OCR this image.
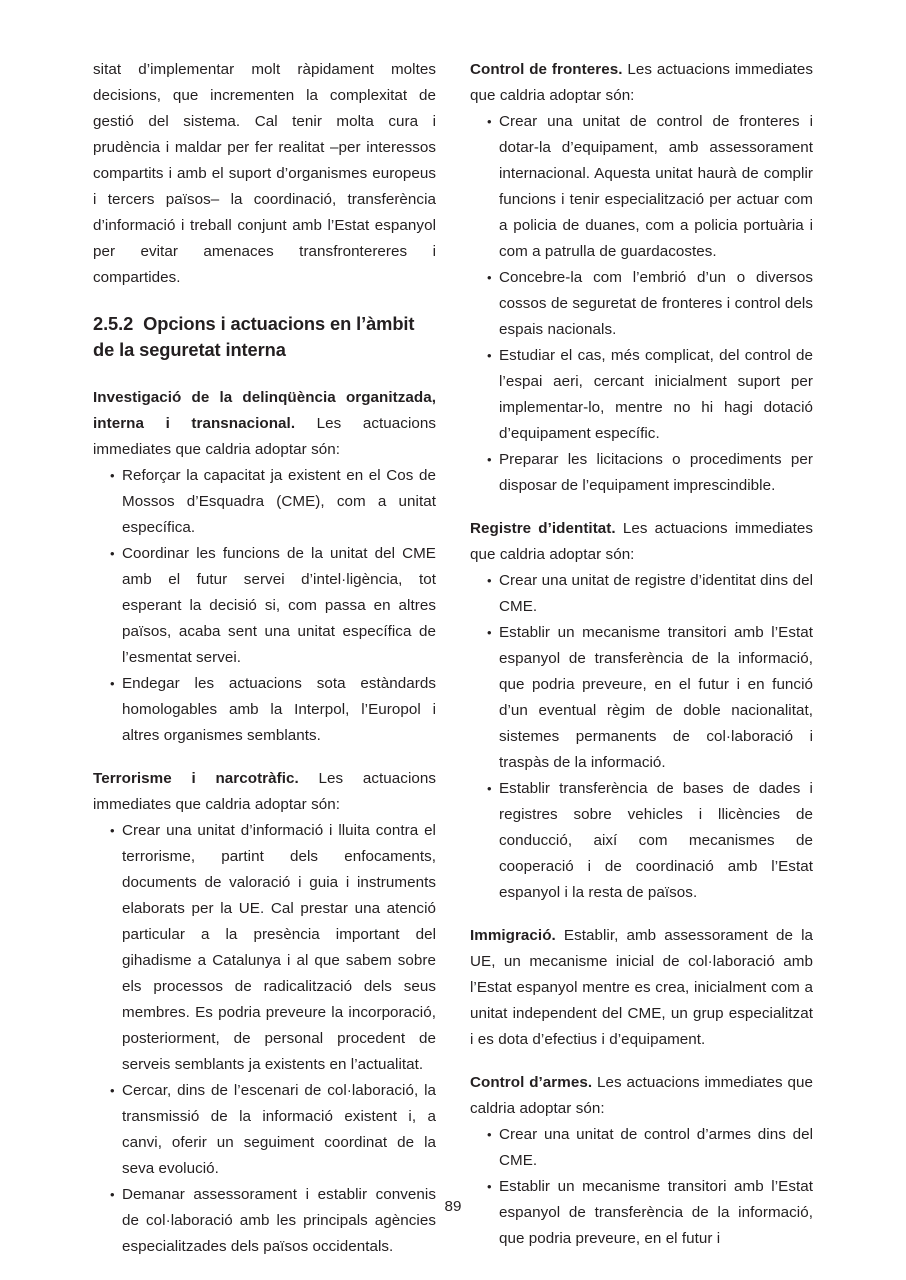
sitat d’implementar molt ràpidament moltes decisions, que incrementen la complexitat de gestió del sistema. Cal tenir molta cura i prudència i maldar per fer realitat –per interessos compartits i amb el suport d’organismes europeus i tercers països– la coordinació, transferència d’informació i treball conjunt amb l’Estat espanyol per evitar amenaces transfrontereres i compartides.

2.5.2 Opcions i actuacions en l’àmbit de la seguretat interna

Investigació de la delinqüència organitzada, interna i transnacional. Les actuacions immediates que caldria adoptar són:

• Reforçar la capacitat ja existent en el Cos de Mossos d’Esquadra (CME), com a unitat específica.
• Coordinar les funcions de la unitat del CME amb el futur servei d’intel·ligència, tot esperant la decisió si, com passa en altres països, acaba sent una unitat específica de l’esmentat servei.
• Endegar les actuacions sota estàndards homologables amb la Interpol, l’Europol i altres organismes semblants.

Terrorisme i narcotràfic. Les actuacions immediates que caldria adoptar són:

• Crear una unitat d’informació i lluita contra el terrorisme, partint dels enfocaments, documents de valoració i guia i instruments elaborats per la UE. Cal prestar una atenció particular a la presència important del gihadisme a Catalunya i al que sabem sobre els processos de radicalització dels seus membres. Es podria preveure la incorporació, posteriorment, de personal procedent de serveis semblants ja existents en l’actualitat.
• Cercar, dins de l’escenari de col·laboració, la transmissió de la informació existent i, a canvi, oferir un seguiment coordinat de la seva evolució.
• Demanar assessorament i establir convenis de col·laboració amb les principals agències especialitzades dels països occidentals.

Control de fronteres. Les actuacions immediates que caldria adoptar són:

• Crear una unitat de control de fronteres i dotar-la d’equipament, amb assessorament internacional. Aquesta unitat haurà de complir funcions i tenir especialització per actuar com a policia de duanes, com a policia portuària i com a patrulla de guardacostes.
• Concebre-la com l’embrió d’un o diversos cossos de seguretat de fronteres i control dels espais nacionals.
• Estudiar el cas, més complicat, del control de l’espai aeri, cercant inicialment suport per implementar-lo, mentre no hi hagi dotació d’equipament específic.
• Preparar les licitacions o procediments per disposar de l’equipament imprescindible.

Registre d’identitat. Les actuacions immediates que caldria adoptar són:

• Crear una unitat de registre d’identitat dins del CME.
• Establir un mecanisme transitori amb l’Estat espanyol de transferència de la informació, que podria preveure, en el futur i en funció d’un eventual règim de doble nacionalitat, sistemes permanents de col·laboració i traspàs de la informació.
• Establir transferència de bases de dades i registres sobre vehicles i llicències de conducció, així com mecanismes de cooperació i de coordinació amb l’Estat espanyol i la resta de països.

Immigració. Establir, amb assessorament de la UE, un mecanisme inicial de col·laboració amb l’Estat espanyol mentre es crea, inicialment com a unitat independent del CME, un grup especialitzat i es dota d’efectius i d’equipament.

Control d’armes. Les actuacions immediates que caldria adoptar són:

• Crear una unitat de control d’armes dins del CME.
• Establir un mecanisme transitori amb l’Estat espanyol de transferència de la informació, que podria preveure, en el futur i
89
